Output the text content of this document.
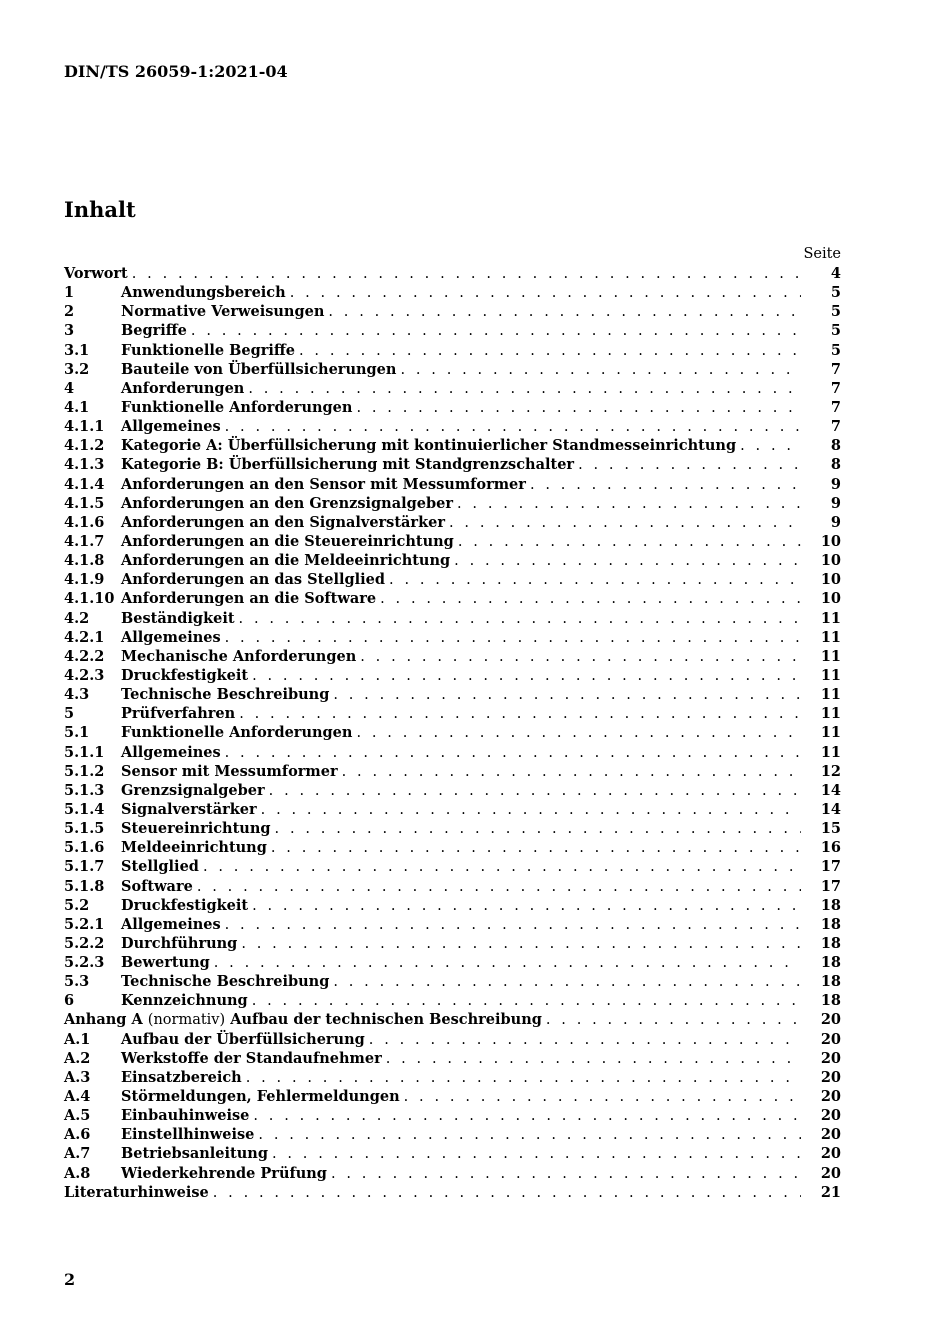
DIN/TS 26059-1:2021-04
Inhalt
Seite
Vorwort . . .	4
1	Anwendungsbereich . . .	5
2	Normative Verweisungen . . .	5
3	Begriffe . . .	5
3.1	Funktionelle Begriffe . . .	5
3.2	Bauteile von Überfüllsicherungen . . .	7
4	Anforderungen . . .	7
4.1	Funktionelle Anforderungen . . .	7
4.1.1	Allgemeines . . .	7
4.1.2	Kategorie A: Überfüllsicherung mit kontinuierlicher Standmesseinrichtung . . .	8
4.1.3	Kategorie B: Überfüllsicherung mit Standgrenzschalter . . .	8
4.1.4	Anforderungen an den Sensor mit Messumformer . . .	9
4.1.5	Anforderungen an den Grenzsignalgeber . . .	9
4.1.6	Anforderungen an den Signalverstärker . . .	9
4.1.7	Anforderungen an die Steuereinrichtung . . .	10
4.1.8	Anforderungen an die Meldeeinrichtung . . .	10
4.1.9	Anforderungen an das Stellglied . . .	10
4.1.10 Anforderungen an die Software . . .	10
4.2	Beständigkeit . . .	11
4.2.1	Allgemeines . . .	11
4.2.2	Mechanische Anforderungen . . .	11
4.2.3	Druckfestigkeit . . .	11
4.3	Technische Beschreibung . . .	11
5	Prüfverfahren . . .	11
5.1	Funktionelle Anforderungen . . .	11
5.1.1	Allgemeines . . .	11
5.1.2	Sensor mit Messumformer . . .	12
5.1.3	Grenzsignalgeber . . .	14
5.1.4	Signalverstärker . . .	14
5.1.5	Steuereinrichtung . . .	15
5.1.6	Meldeeinrichtung . . .	16
5.1.7	Stellglied . . .	17
5.1.8	Software . . .	17
5.2	Druckfestigkeit . . .	18
5.2.1	Allgemeines . . .	18
5.2.2	Durchführung . . .	18
5.2.3	Bewertung . . .	18
5.3	Technische Beschreibung . . .	18
6	Kennzeichnung . . .	18
Anhang A (normativ) Aufbau der technischen Beschreibung . . .	20
A.1	Aufbau der Überfüllsicherung . . .	20
A.2	Werkstoffe der Standaufnehmer . . .	20
A.3	Einsatzbereich . . .	20
A.4	Störmeldungen, Fehlermeldungen . . .	20
A.5	Einbauhinweise . . .	20
A.6	Einstellhinweise . . .	20
A.7	Betriebsanleitung . . .	20
A.8	Wiederkehrende Prüfung . . .	20
Literaturhinweise . . .	21
2
